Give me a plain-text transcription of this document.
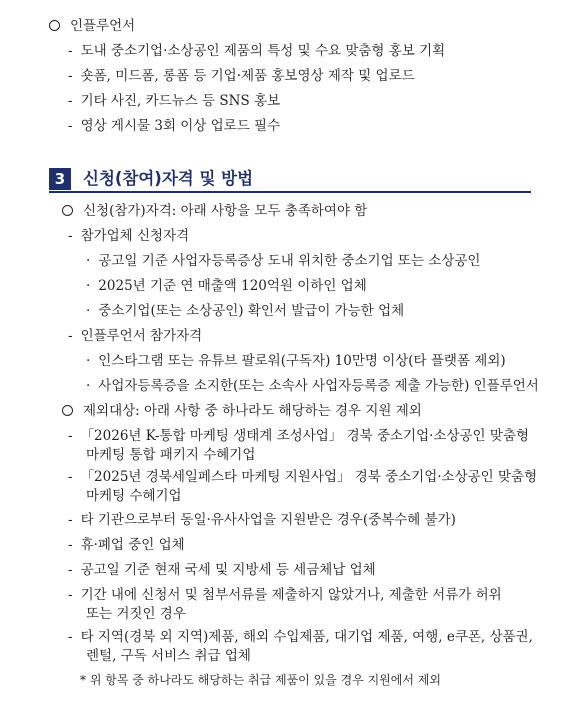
인플루언서
- 도내 중소기업·소상공인 제품의 특성 및 수요 맞춤형 홍보 기획
- 숏폼, 미드폼, 롱폼 등 기업·제품 홍보영상 제작 및 업로드
- 기타 사진, 카드뉴스 등 SNS 홍보
- 영상 게시물 3회 이상 업로드 필수
3	신청(참여)자격 및 방법
신청(참가)자격: 아래 사항을 모두 충족하여야 함
- 참가업체 신청자격
· 공고일 기준 사업자등록증상 도내 위치한 중소기업 또는 소상공인
· 2025년 기준 연 매출액 120억원 이하인 업체
· 중소기업(또는 소상공인) 확인서 발급이 가능한 업체
- 인플루언서 참가자격
· 인스타그램 또는 유튜브 팔로워(구독자) 10만명 이상(타 플랫폼 제외)
· 사업자등록증을 소지한(또는 소속사 사업자등록증 제출 가능한) 인플루언서
제외대상: 아래 사항 중 하나라도 해당하는 경우 지원 제외
- 「2026년 K-통합 마케팅 생태계 조성사업」 경북 중소기업·소상공인 맞춤형
마케팅 통합 패키지 수혜기업
- 「2025년 경북세일페스타 마케팅 지원사업」 경북 중소기업·소상공인 맞춤형
마케팅 수혜기업
- 타 기관으로부터 동일·유사사업을 지원받은 경우(중복수혜 불가)
- 휴·폐업 중인 업체
- 공고일 기준 현재 국세 및 지방세 등 세금체납 업체
- 기간 내에 신청서 및 첨부서류를 제출하지 않았거나, 제출한 서류가 허위
또는 거짓인 경우
- 타 지역(경북 외 지역)제품, 해외 수입제품, 대기업 제품, 여행, e쿠폰, 상품권,
렌털, 구독 서비스 취급 업체
* 위 항목 중 하나라도 해당하는 취급 제품이 있을 경우 지원에서 제외
